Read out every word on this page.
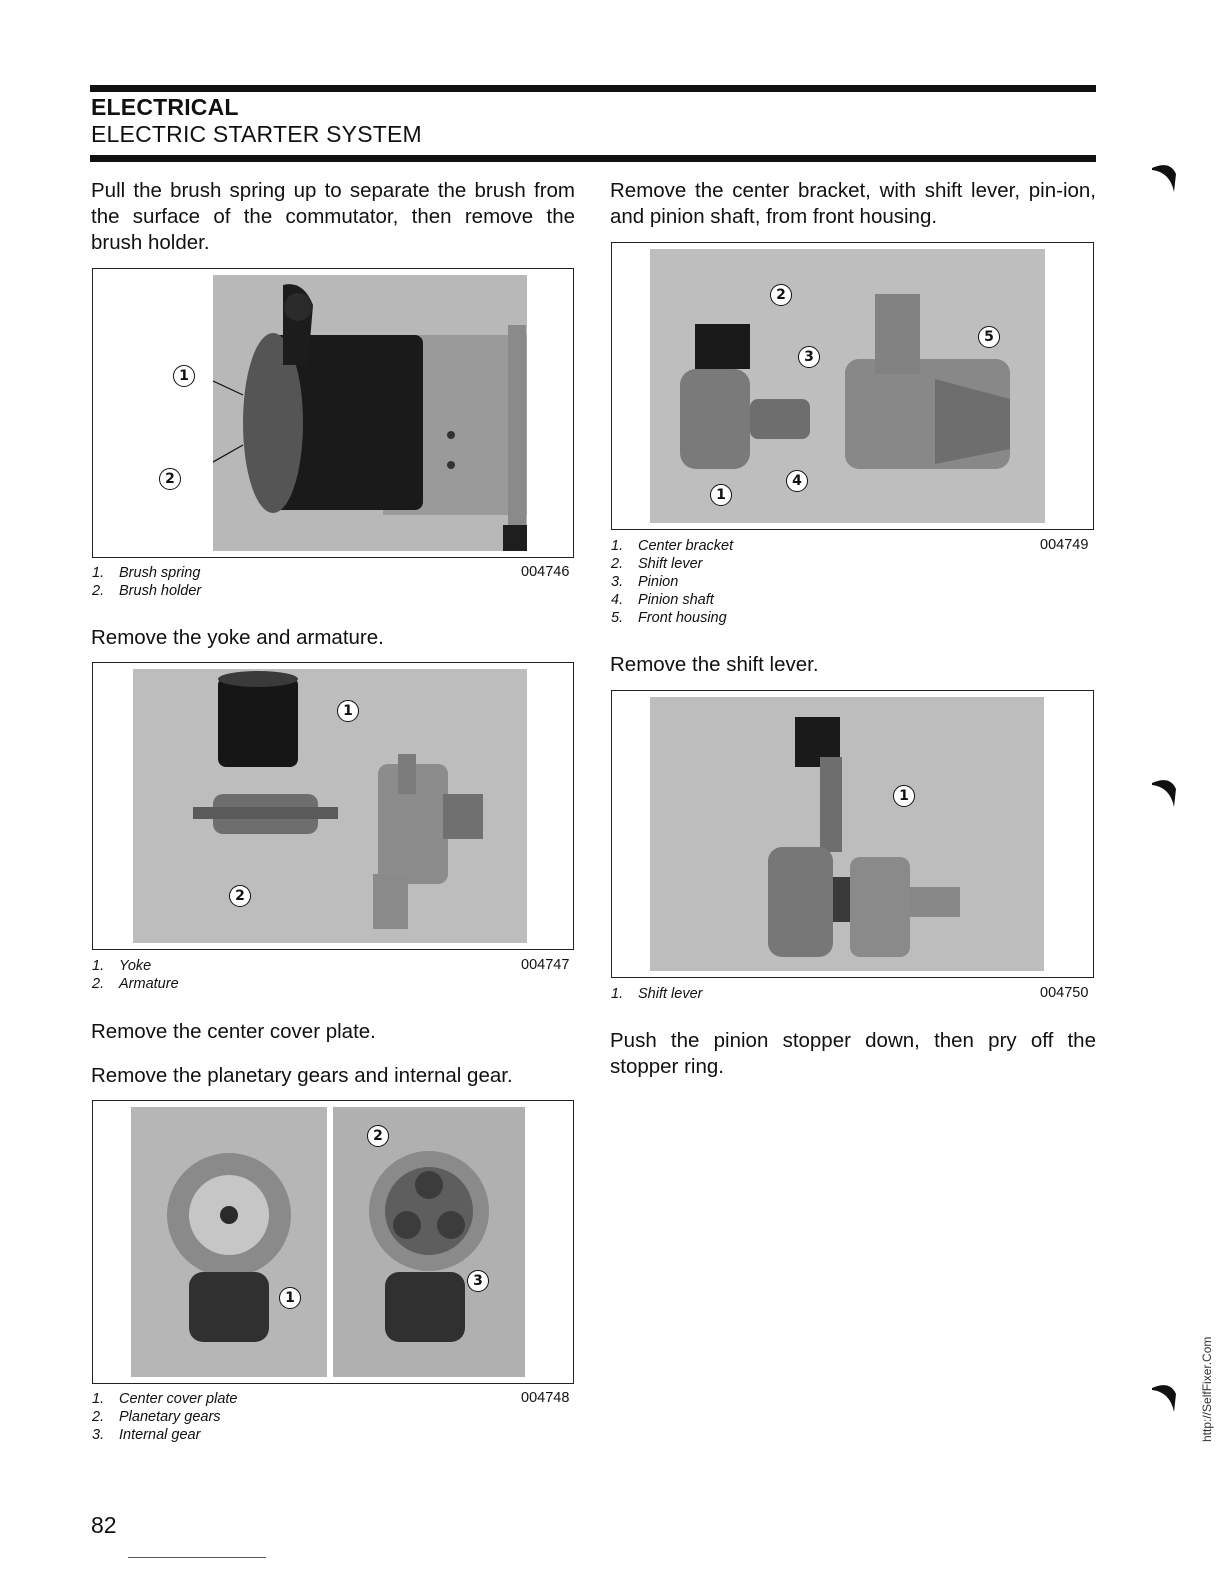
ELECTRICAL
ELECTRIC STARTER SYSTEM
Pull the brush spring up to separate the brush from the surface of the commutator, then remove the brush holder.
1
2
1. Brush spring
2. Brush holder
004746
Remove the yoke and armature.
1
2
1. Yoke
2. Armature
004747
Remove the center cover plate.
Remove the planetary gears and internal gear.
1
2
3
1. Center cover plate
2. Planetary gears
3. Internal gear
004748
Remove the center bracket, with shift lever, pin-ion, and pinion shaft, from front housing.
1
2
3
4
5
1. Center bracket
2. Shift lever
3. Pinion
4. Pinion shaft
5. Front housing
004749
Remove the shift lever.
1
1. Shift lever	004750
Push the pinion stopper down, then pry off the stopper ring.
82
http://SelfFixer.Com
